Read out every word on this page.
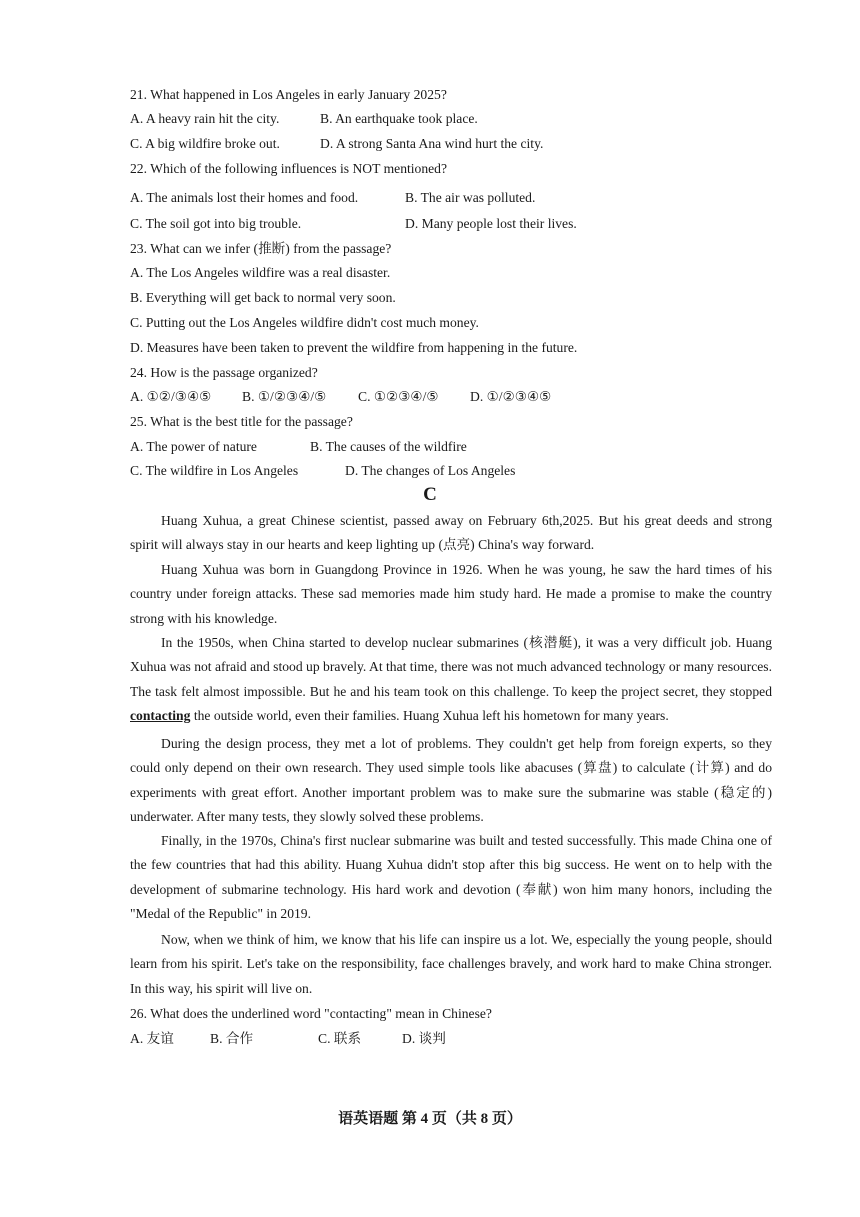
21. What happened in Los Angeles in early January 2025?
A. A heavy rain hit the city.	B. An earthquake took place.
C. A big wildfire broke out.	D. A strong Santa Ana wind hurt the city.
22. Which of the following influences is NOT mentioned?
A. The animals lost their homes and food.	B. The air was polluted.
C. The soil got into big trouble.	D. Many people lost their lives.
23. What can we infer (推断) from the passage?
A. The Los Angeles wildfire was a real disaster.
B. Everything will get back to normal very soon.
C. Putting out the Los Angeles wildfire didn't cost much money.
D. Measures have been taken to prevent the wildfire from happening in the future.
24. How is the passage organized?
A. ①②/③④⑤ B. ①/②③④/⑤ C. ①②③④/⑤ D. ①/②③④⑤
25. What is the best title for the passage?
A. The power of nature	B. The causes of the wildfire
C. The wildfire in Los Angeles	D. The changes of Los Angeles
C

Huang Xuhua, a great Chinese scientist, passed away on February 6th,2025. But his great deeds and strong spirit will always stay in our hearts and keep lighting up (点亮) China's way forward.

Huang Xuhua was born in Guangdong Province in 1926. When he was young, he saw the hard times of his country under foreign attacks. These sad memories made him study hard. He made a promise to make the country strong with his knowledge.

In the 1950s, when China started to develop nuclear submarines (核潜艇), it was a very difficult job. Huang Xuhua was not afraid and stood up bravely. At that time, there was not much advanced technology or many resources. The task felt almost impossible. But he and his team took on this challenge. To keep the project secret, they stopped contacting the outside world, even their families. Huang Xuhua left his hometown for many years.

During the design process, they met a lot of problems. They couldn't get help from foreign experts, so they could only depend on their own research. They used simple tools like abacuses (算盘) to calculate (计算) and do experiments with great effort. Another important problem was to make sure the submarine was stable (稳定的) underwater. After many tests, they slowly solved these problems.

Finally, in the 1970s, China's first nuclear submarine was built and tested successfully. This made China one of the few countries that had this ability. Huang Xuhua didn't stop after this big success. He went on to help with the development of submarine technology. His hard work and devotion (奉献) won him many honors, including the "Medal of the Republic" in 2019.

Now, when we think of him, we know that his life can inspire us a lot. We, especially the young people, should learn from his spirit. Let's take on the responsibility, face challenges bravely, and work hard to make China stronger. In this way, his spirit will live on.

26. What does the underlined word "contacting" mean in Chinese?
A. 友谊	B. 合作	C. 联系	D. 谈判
语英语题 第 4 页（共 8 页）
